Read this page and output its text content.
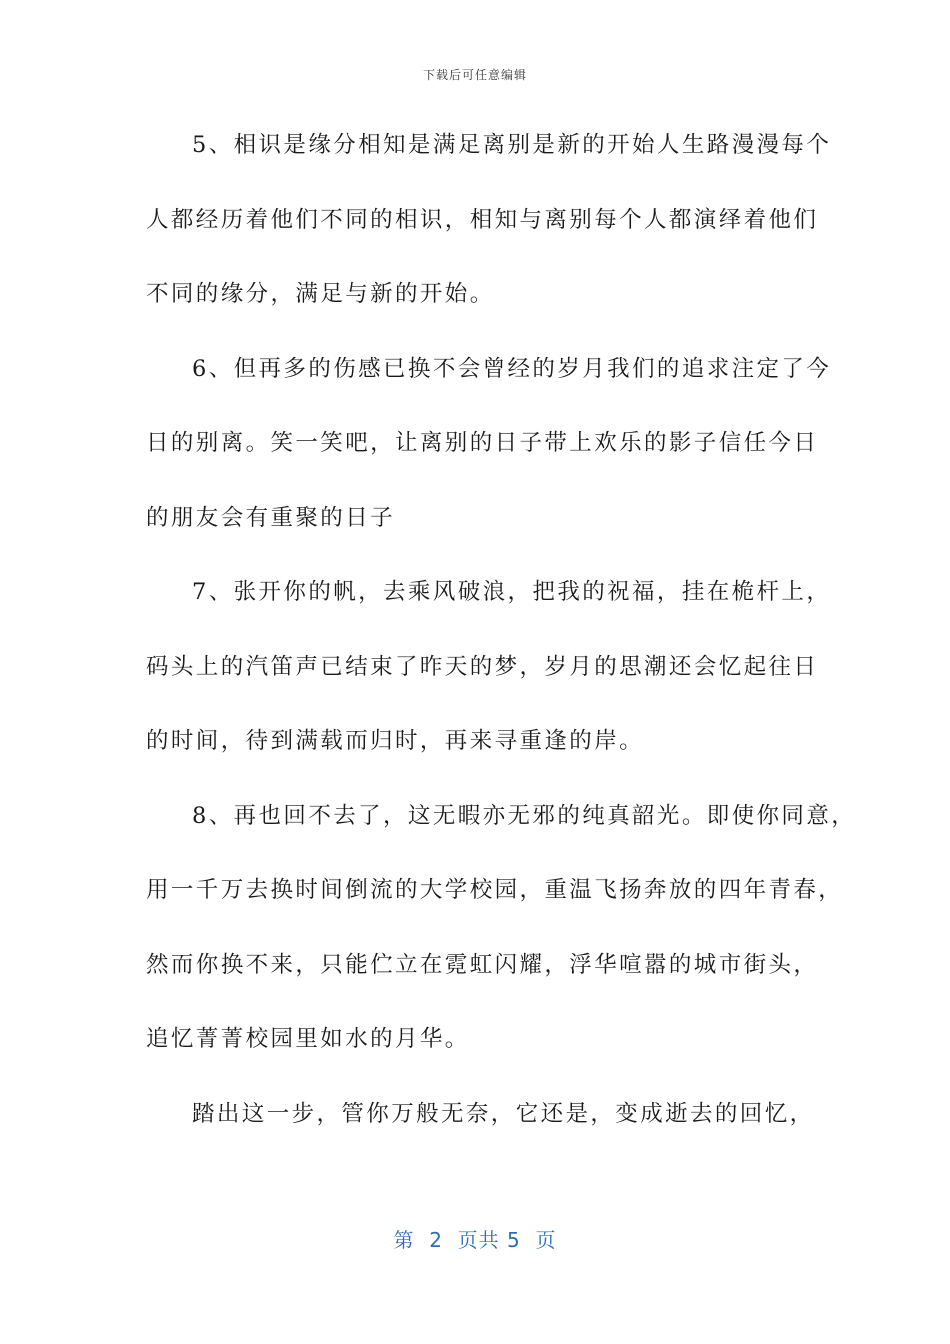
下载后可任意编辑
5、相识是缘分相知是满足离别是新的开始人生路漫漫每个
人都经历着他们不同的相识，相知与离别每个人都演绎着他们
不同的缘分，满足与新的开始。
6、但再多的伤感已换不会曾经的岁月我们的追求注定了今
日的别离。笑一笑吧，让离别的日子带上欢乐的影子信任今日
的朋友会有重聚的日子
7、张开你的帆，去乘风破浪，把我的祝福，挂在桅杆上，
码头上的汽笛声已结束了昨天的梦，岁月的思潮还会忆起往日
的时间，待到满载而归时，再来寻重逢的岸。
8、再也回不去了，这无暇亦无邪的纯真韶光。即使你同意，
用一千万去换时间倒流的大学校园，重温飞扬奔放的四年青春，
然而你换不来，只能伫立在霓虹闪耀，浮华喧嚣的城市街头，
追忆菁菁校园里如水的月华。
踏出这一步，管你万般无奈，它还是，变成逝去的回忆，
第  2  页共 5  页
